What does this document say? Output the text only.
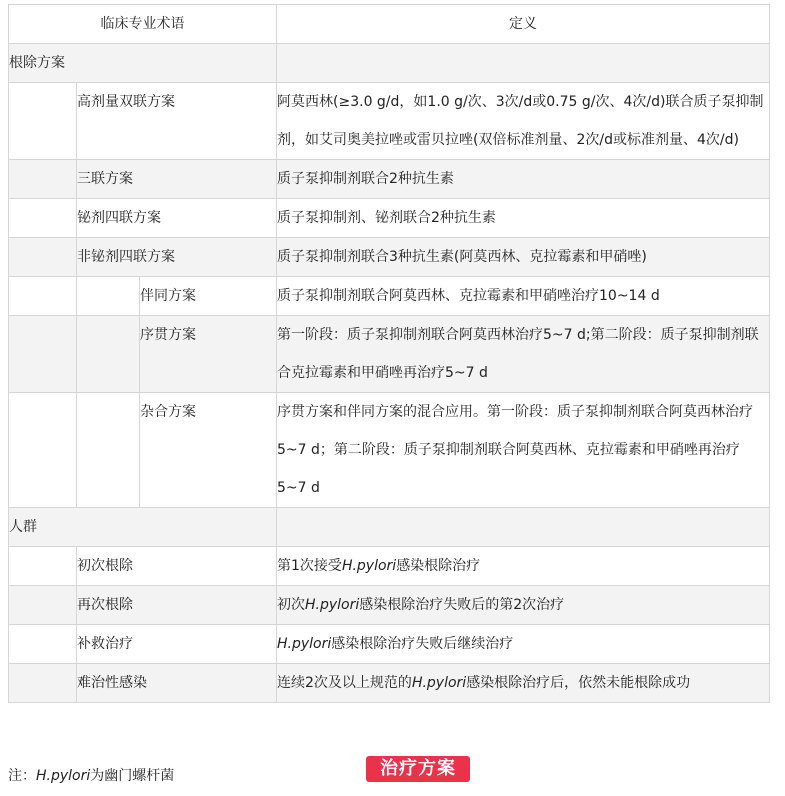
临床专业术语			定义
根除方案			
	高剂量双联方案		阿莫西林(≥3.0 g/d，如1.0 g/次、3次/d或0.75 g/次、4次/d)联合质子泵抑制剂，如艾司奥美拉唑或雷贝拉唑(双倍标准剂量、2次/d或标准剂量、4次/d)
	三联方案		质子泵抑制剂联合2种抗生素
	铋剂四联方案		质子泵抑制剂、铋剂联合2种抗生素
	非铋剂四联方案		质子泵抑制剂联合3种抗生素(阿莫西林、克拉霉素和甲硝唑)
		伴同方案	质子泵抑制剂联合阿莫西林、克拉霉素和甲硝唑治疗10~14 d
		序贯方案	第一阶段：质子泵抑制剂联合阿莫西林治疗5~7 d;第二阶段：质子泵抑制剂联合克拉霉素和甲硝唑再治疗5~7 d
		杂合方案	序贯方案和伴同方案的混合应用。第一阶段：质子泵抑制剂联合阿莫西林治疗5~7 d；第二阶段：质子泵抑制剂联合阿莫西林、克拉霉素和甲硝唑再治疗5~7 d
人群			
	初次根除		第1次接受H.pylori感染根除治疗
	再次根除		初次H.pylori感染根除治疗失败后的第2次治疗
	补救治疗		H.pylori感染根除治疗失败后继续治疗
	难治性感染		连续2次及以上规范的H.pylori感染根除治疗后，依然未能根除成功
注：H.pylori为幽门螺杆菌	治疗方案
